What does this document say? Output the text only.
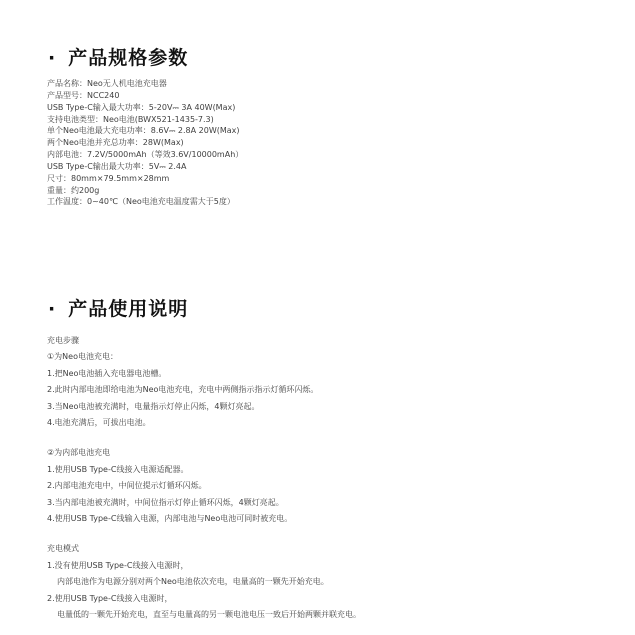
· 产品规格参数
产品名称：Neo无人机电池充电器
产品型号：NCC240
USB Type-C输入最大功率：5-20V⎓ 3A 40W(Max)
支持电池类型：Neo电池(BWX521-1435-7.3)
单个Neo电池最大充电功率：8.6V⎓ 2.8A 20W(Max)
两个Neo电池并充总功率：28W(Max)
内部电池：7.2V/5000mAh（等效3.6V/10000mAh）
USB Type-C输出最大功率：5V⎓ 2.4A
尺寸：80mm×79.5mm×28mm
重量：约200g
工作温度：0~40℃（Neo电池充电温度需大于5度）
· 产品使用说明
充电步骤
①为Neo电池充电：
1.把Neo电池插入充电器电池槽。
2.此时内部电池即给电池为Neo电池充电，充电中两侧指示指示灯循环闪烁。
3.当Neo电池被充满时，电量指示灯停止闪烁，4颗灯亮起。
4.电池充满后，可拔出电池。
②为内部电池充电
1.使用USB Type-C线接入电源适配器。
2.内部电池充电中，中间位提示灯循环闪烁。
3.当内部电池被充满时，中间位指示灯停止循环闪烁，4颗灯亮起。
4.使用USB Type-C线输入电源，内部电池与Neo电池可同时被充电。
充电模式
1.没有使用USB Type-C线接入电源时，
内部电池作为电源分别对两个Neo电池依次充电，电量高的一颗先开始充电。
2.使用USB Type-C线接入电源时，
电量低的一颗先开始充电，直至与电量高的另一颗电池电压一致后开始两颗并联充电。
